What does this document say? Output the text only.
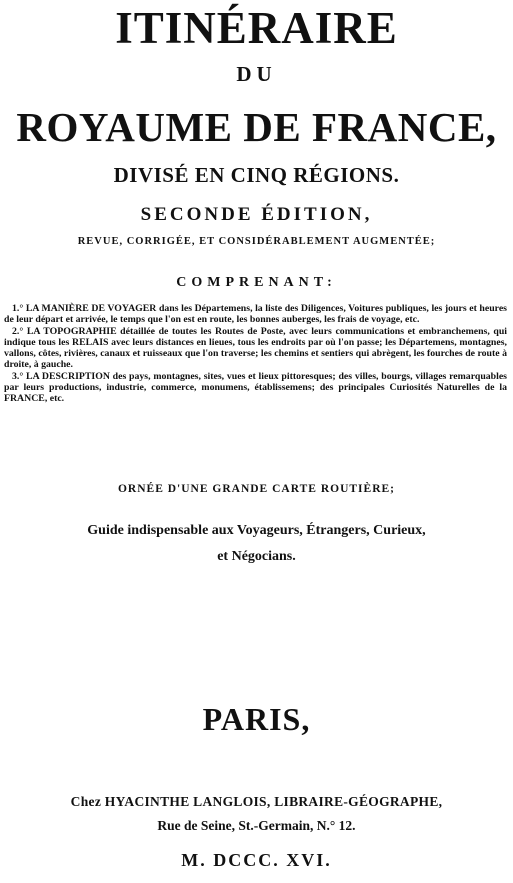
ITINÉRAIRE
DU
ROYAUME DE FRANCE,
DIVISÉ EN CINQ RÉGIONS.
SECONDE ÉDITION,
REVUE, CORRIGÉE, ET CONSIDÉRABLEMENT AUGMENTÉE;
COMPRENANT:

1.° LA MANIÈRE DE VOYAGER dans les Départemens, la liste des Diligences, Voitures publiques, les jours et heures de leur départ et arrivée, le temps que l'on est en route, les bonnes auberges, les frais de voyage, etc.

2.° LA TOPOGRAPHIE détaillée de toutes les Routes de Poste, avec leurs communications et embranchemens, qui indique tous les RELAIS avec leurs distances en lieues, tous les endroits par où l'on passe; les Départemens, montagnes, vallons, côtes, rivières, canaux et ruisseaux que l'on traverse; les chemins et sentiers qui abrègent, les fourches de route à droite, à gauche.

3.° LA DESCRIPTION des pays, montagnes, sites, vues et lieux pittoresques; des villes, bourgs, villages remarquables par leurs productions, industrie, commerce, monumens, établissemens; des principales Curiosités Naturelles de la FRANCE, etc.

ORNÉE D'UNE GRANDE CARTE ROUTIÈRE;
Guide indispensable aux Voyageurs, Étrangers, Curieux,
et Négocians.
PARIS,
Chez HYACINTHE LANGLOIS, LIBRAIRE-GÉOGRAPHE,
Rue de Seine, St.-Germain, N.° 12.
M. DCCC. XVI.
